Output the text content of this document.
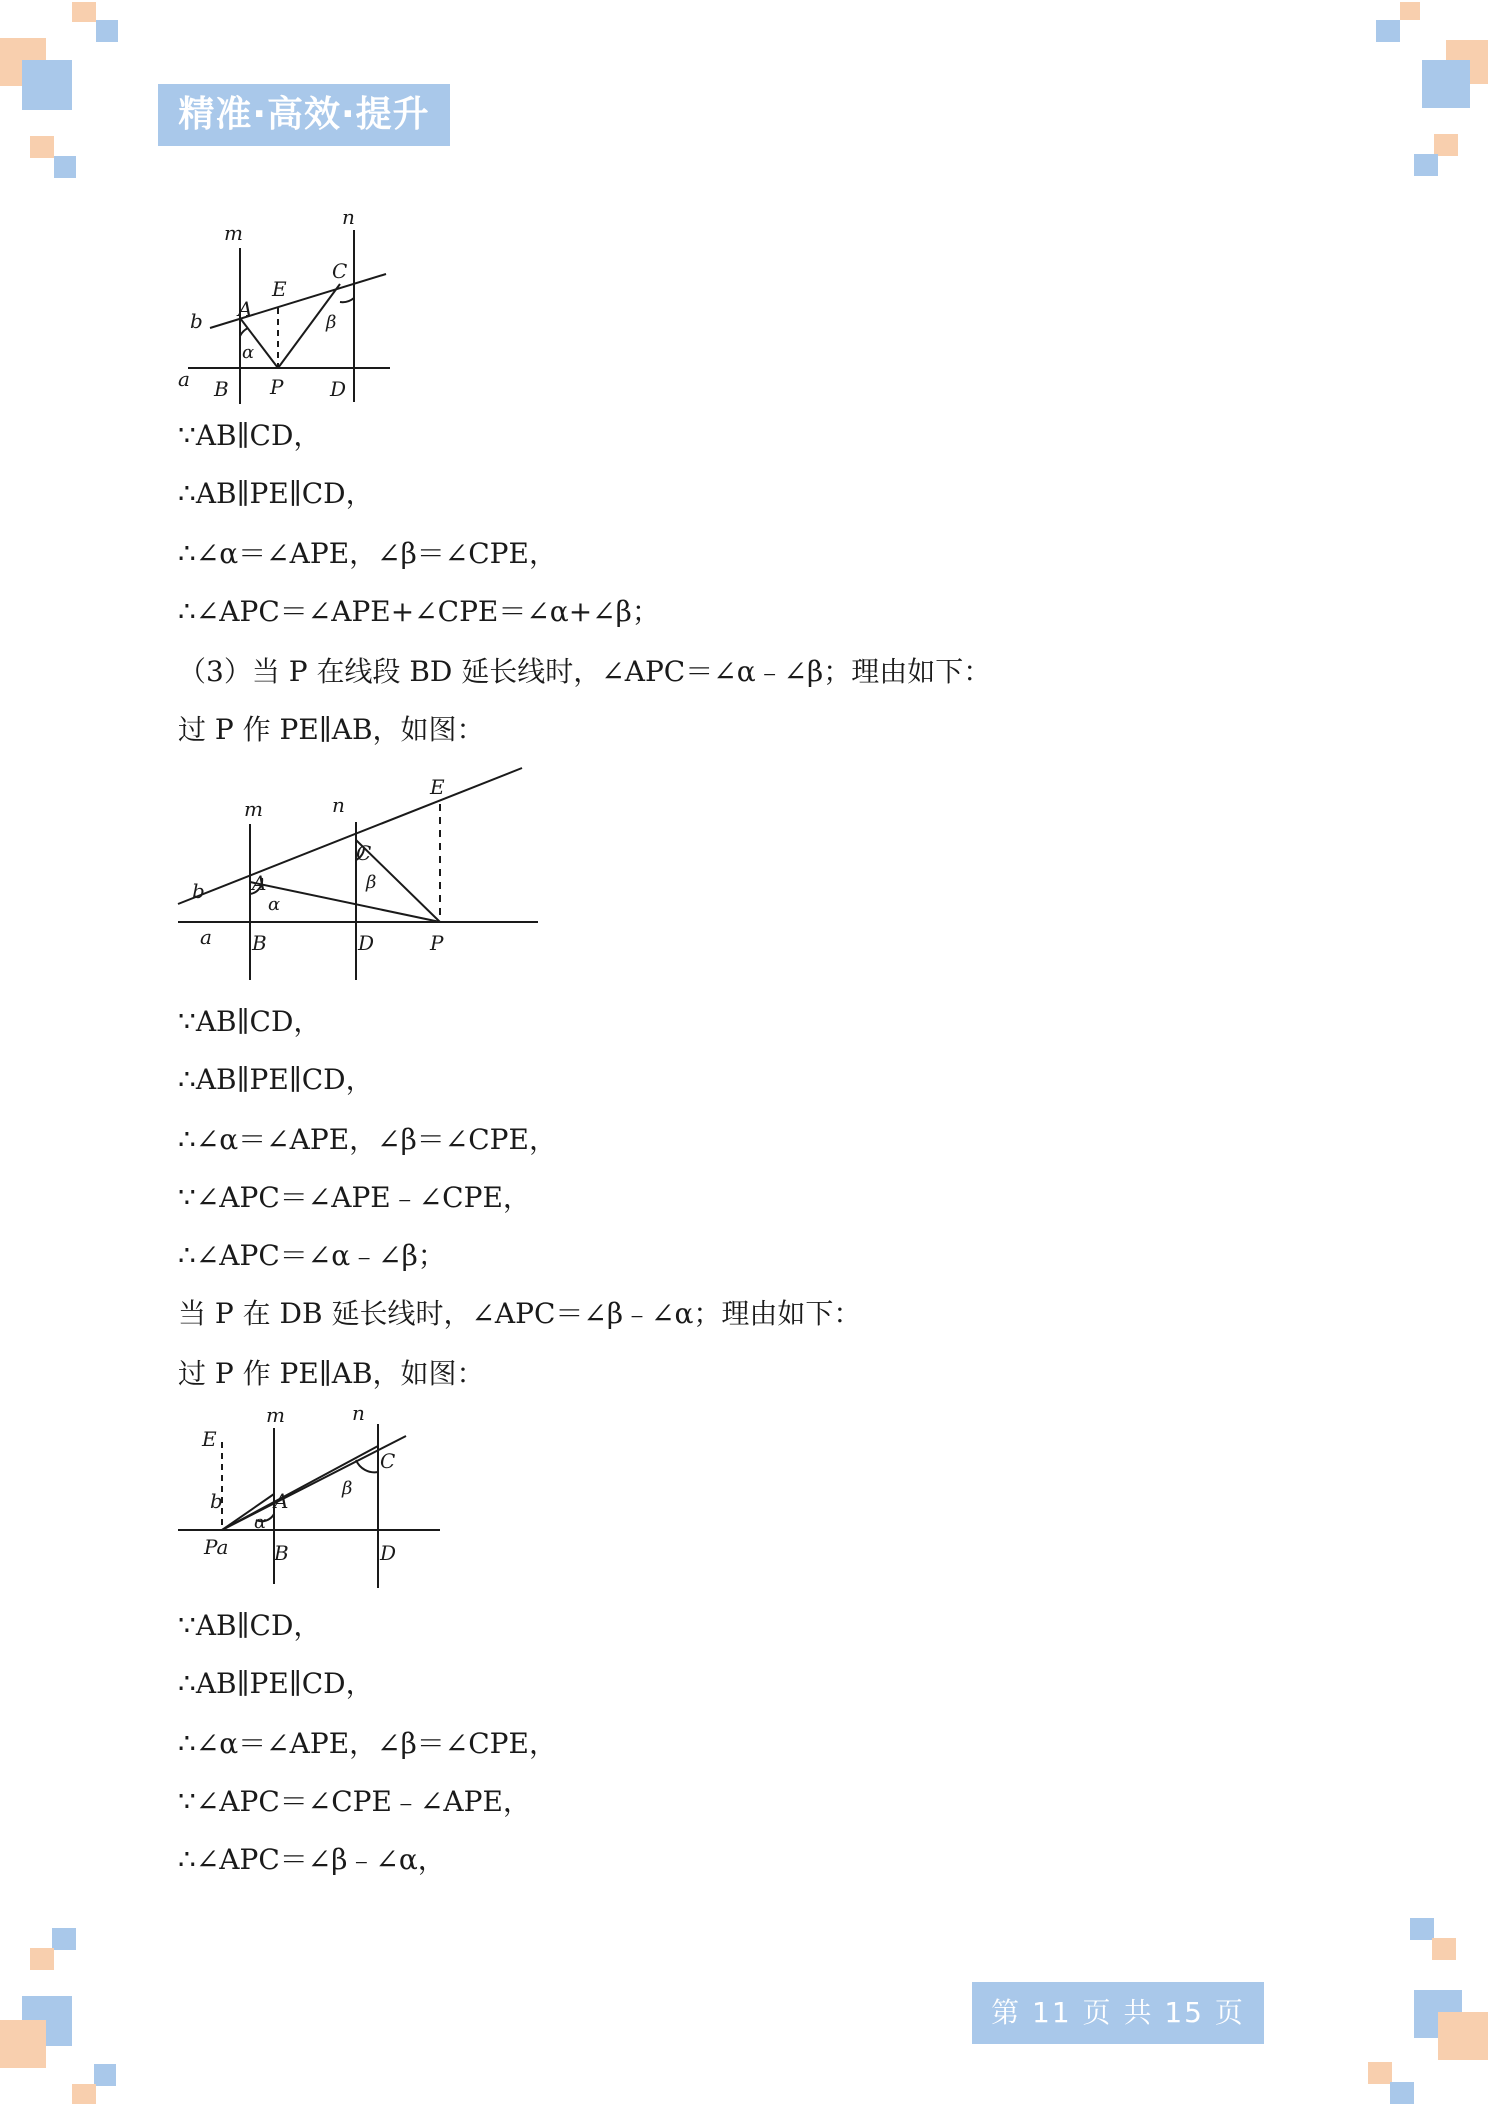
精准·高效·提升
m
n
A
E
C
b
α
β
a B P D
∵AB∥CD，
∴AB∥PE∥CD，
∴∠α＝∠APE，∠β＝∠CPE，
∴∠APC＝∠APE+∠CPE＝∠α+∠β；
（3）当 P 在线段 BD 延长线时，∠APC＝∠α﹣∠β；理由如下：
过 P 作 PE∥AB，如图：
E
m	n
C
β
b A
α
a B	D	P
∵AB∥CD，
∴AB∥PE∥CD，
∴∠α＝∠APE，∠β＝∠CPE，
∵∠APC＝∠APE﹣∠CPE，
∴∠APC＝∠α﹣∠β；
当 P 在 DB 延长线时，∠APC＝∠β﹣∠α；理由如下：
过 P 作 PE∥AB，如图：
m	n
E
C
b	A
β
α
Pa B	D
∵AB∥CD，
∴AB∥PE∥CD，
∴∠α＝∠APE，∠β＝∠CPE，
∵∠APC＝∠CPE﹣∠APE，
∴∠APC＝∠β﹣∠α，
第 11 页 共 15 页
